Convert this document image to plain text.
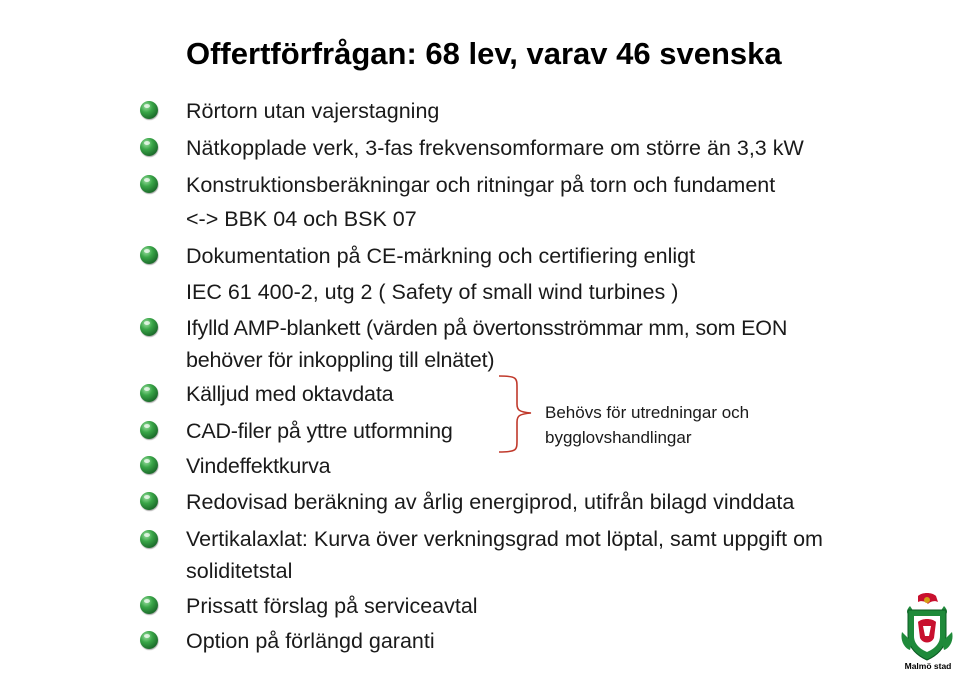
Offertförfrågan: 68 lev, varav 46 svenska
Rörtorn utan vajerstagning
Nätkopplade verk, 3-fas frekvensomformare om större än 3,3 kW
Konstruktionsberäkningar och ritningar på torn och fundament
<-> BBK 04 och BSK 07
Dokumentation på CE-märkning och certifiering enligt
IEC 61 400-2, utg 2 ( Safety of small wind turbines )
Ifylld AMP-blankett (värden på övertonsströmmar mm, som EON
behöver för inkoppling till elnätet)
Källjud med oktavdata
CAD-filer på yttre utformning
Vindeffektkurva
Redovisad beräkning av årlig energiprod, utifrån bilagd vinddata
Vertikalaxlat: Kurva över verkningsgrad mot löptal, samt uppgift om
soliditetstal
Prissatt förslag på serviceavtal
Option på förlängd garanti
Behövs för utredningar och
bygglovshandlingar
Malmö stad
